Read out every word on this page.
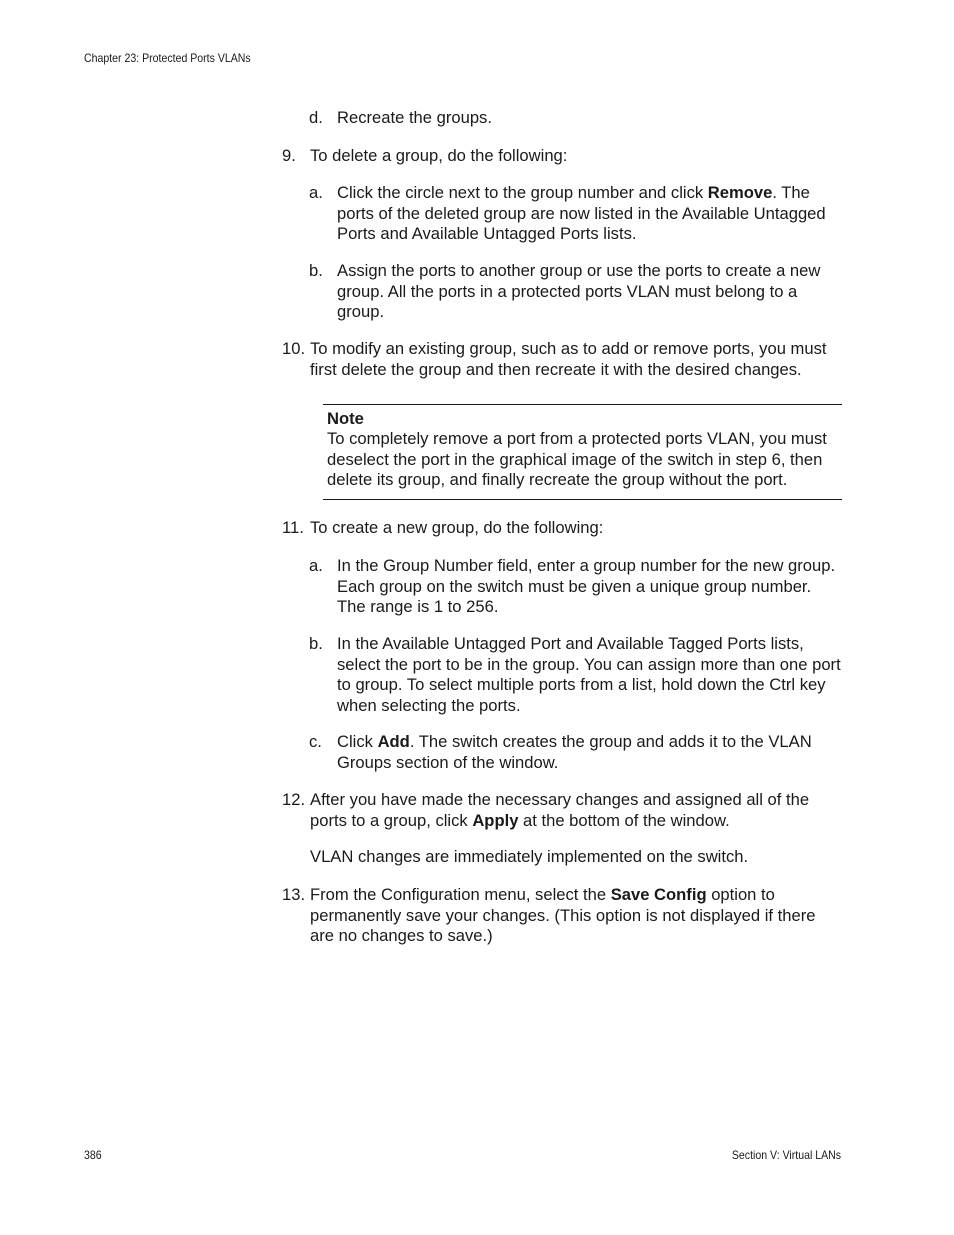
Chapter 23: Protected Ports VLANs
d. Recreate the groups.
9. To delete a group, do the following:
a. Click the circle next to the group number and click Remove. The ports of the deleted group are now listed in the Available Untagged Ports and Available Untagged Ports lists.
b. Assign the ports to another group or use the ports to create a new group. All the ports in a protected ports VLAN must belong to a group.
10. To modify an existing group, such as to add or remove ports, you must first delete the group and then recreate it with the desired changes.
Note
To completely remove a port from a protected ports VLAN, you must deselect the port in the graphical image of the switch in step 6, then delete its group, and finally recreate the group without the port.
11. To create a new group, do the following:
a. In the Group Number field, enter a group number for the new group. Each group on the switch must be given a unique group number. The range is 1 to 256.
b. In the Available Untagged Port and Available Tagged Ports lists, select the port to be in the group. You can assign more than one port to group. To select multiple ports from a list, hold down the Ctrl key when selecting the ports.
c. Click Add. The switch creates the group and adds it to the VLAN Groups section of the window.
12. After you have made the necessary changes and assigned all of the ports to a group, click Apply at the bottom of the window.
VLAN changes are immediately implemented on the switch.
13. From the Configuration menu, select the Save Config option to permanently save your changes. (This option is not displayed if there are no changes to save.)
386	Section V: Virtual LANs
